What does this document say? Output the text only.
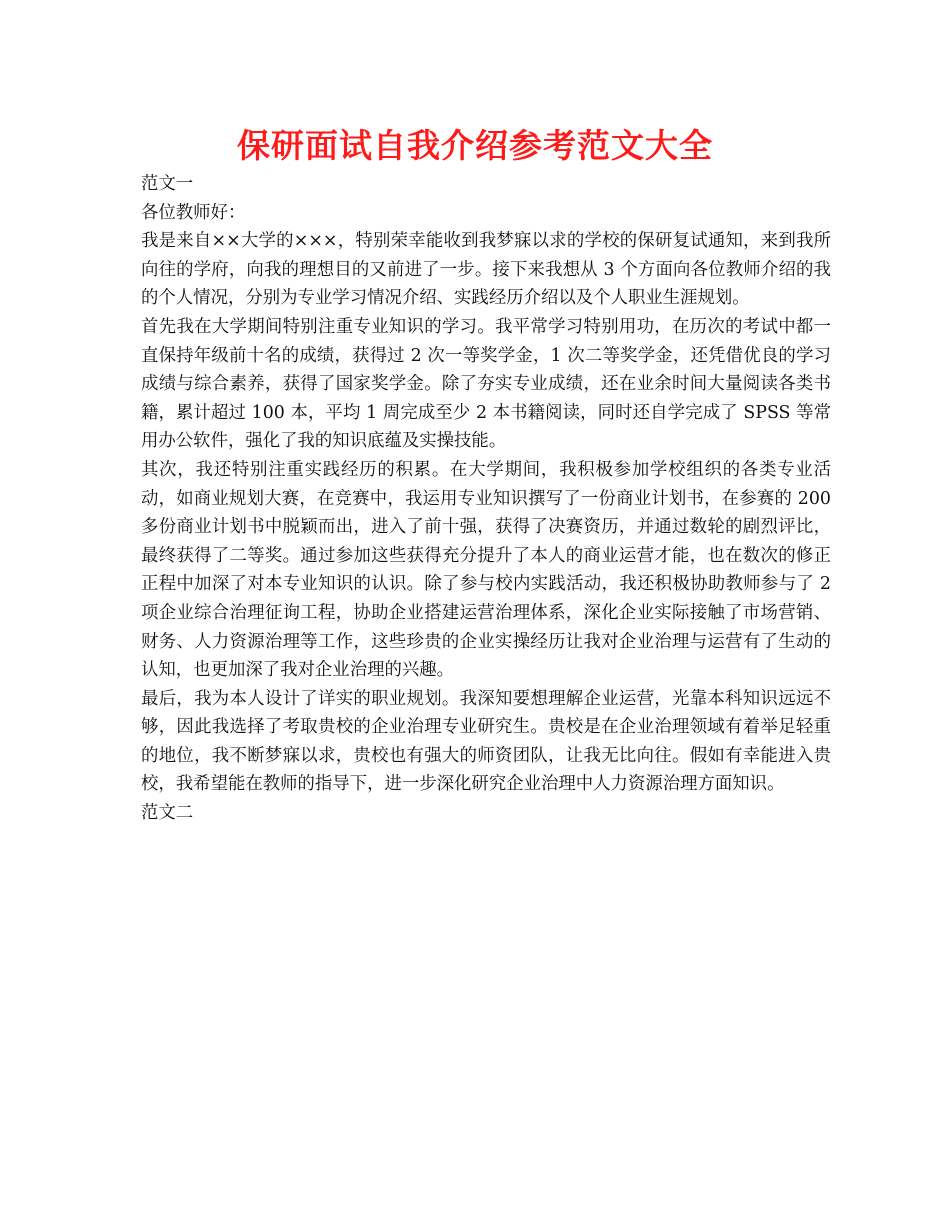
保研面试自我介绍参考范文大全

范文一

各位教师好：

我是来自××大学的×××，特别荣幸能收到我梦寐以求的学校的保研复试通知，来到我所向往的学府，向我的理想目的又前进了一步。接下来我想从 3 个方面向各位教师介绍的我的个人情况，分别为专业学习情况介绍、实践经历介绍以及个人职业生涯规划。

首先我在大学期间特别注重专业知识的学习。我平常学习特别用功，在历次的考试中都一直保持年级前十名的成绩，获得过 2 次一等奖学金，1 次二等奖学金，还凭借优良的学习成绩与综合素养，获得了国家奖学金。除了夯实专业成绩，还在业余时间大量阅读各类书籍，累计超过 100 本，平均 1 周完成至少 2 本书籍阅读，同时还自学完成了 SPSS 等常用办公软件，强化了我的知识底蕴及实操技能。

其次，我还特别注重实践经历的积累。在大学期间，我积极参加学校组织的各类专业活动，如商业规划大赛，在竞赛中，我运用专业知识撰写了一份商业计划书，在参赛的 200 多份商业计划书中脱颖而出，进入了前十强，获得了决赛资历，并通过数轮的剧烈评比，最终获得了二等奖。通过参加这些获得充分提升了本人的商业运营才能，也在数次的修正正程中加深了对本专业知识的认识。除了参与校内实践活动，我还积极协助教师参与了 2 项企业综合治理征询工程，协助企业搭建运营治理体系，深化企业实际接触了市场营销、财务、人力资源治理等工作，这些珍贵的企业实操经历让我对企业治理与运营有了生动的认知，也更加深了我对企业治理的兴趣。

最后，我为本人设计了详实的职业规划。我深知要想理解企业运营，光靠本科知识远远不够，因此我选择了考取贵校的企业治理专业研究生。贵校是在企业治理领域有着举足轻重的地位，我不断梦寐以求，贵校也有强大的师资团队，让我无比向往。假如有幸能进入贵校，我希望能在教师的指导下，进一步深化研究企业治理中人力资源治理方面知识。

范文二
